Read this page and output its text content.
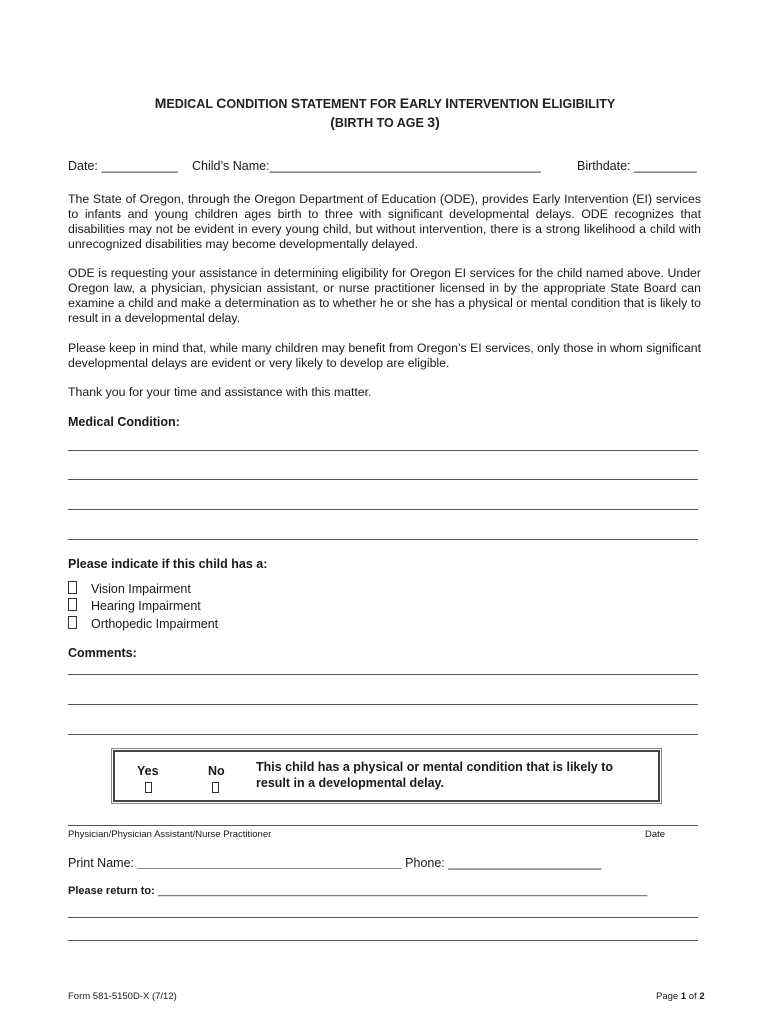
MEDICAL CONDITION STATEMENT FOR EARLY INTERVENTION ELIGIBILITY
(BIRTH TO AGE 3)
Date: ___________ Child’s Name:_______________________________________	Birthdate: _________
The State of Oregon, through the Oregon Department of Education (ODE), provides Early Intervention (EI) services to infants and young children ages birth to three with significant developmental delays. ODE recognizes that disabilities may not be evident in every young child, but without intervention, there is a strong likelihood a child with unrecognized disabilities may become developmentally delayed.
ODE is requesting your assistance in determining eligibility for Oregon EI services for the child named above. Under Oregon law, a physician, physician assistant, or nurse practitioner licensed in by the appropriate State Board can examine a child and make a determination as to whether he or she has a physical or mental condition that is likely to result in a developmental delay.
Please keep in mind that, while many children may benefit from Oregon’s EI services, only those in whom significant developmental delays are evident or very likely to develop are eligible.
Thank you for your time and assistance with this matter.
Medical Condition:
Please indicate if this child has a:
Vision Impairment
Hearing Impairment
Orthopedic Impairment
Comments:
Yes	No	This child has a physical or mental condition that is likely to
result in a developmental delay.
Physician/Physician Assistant/Nurse Practitioner	Date
Print Name: ______________________________________ Phone: ______________________
Please return to: ________________________________________________________________________________
Form 581-5150D-X (7/12)	Page 1 of 2
